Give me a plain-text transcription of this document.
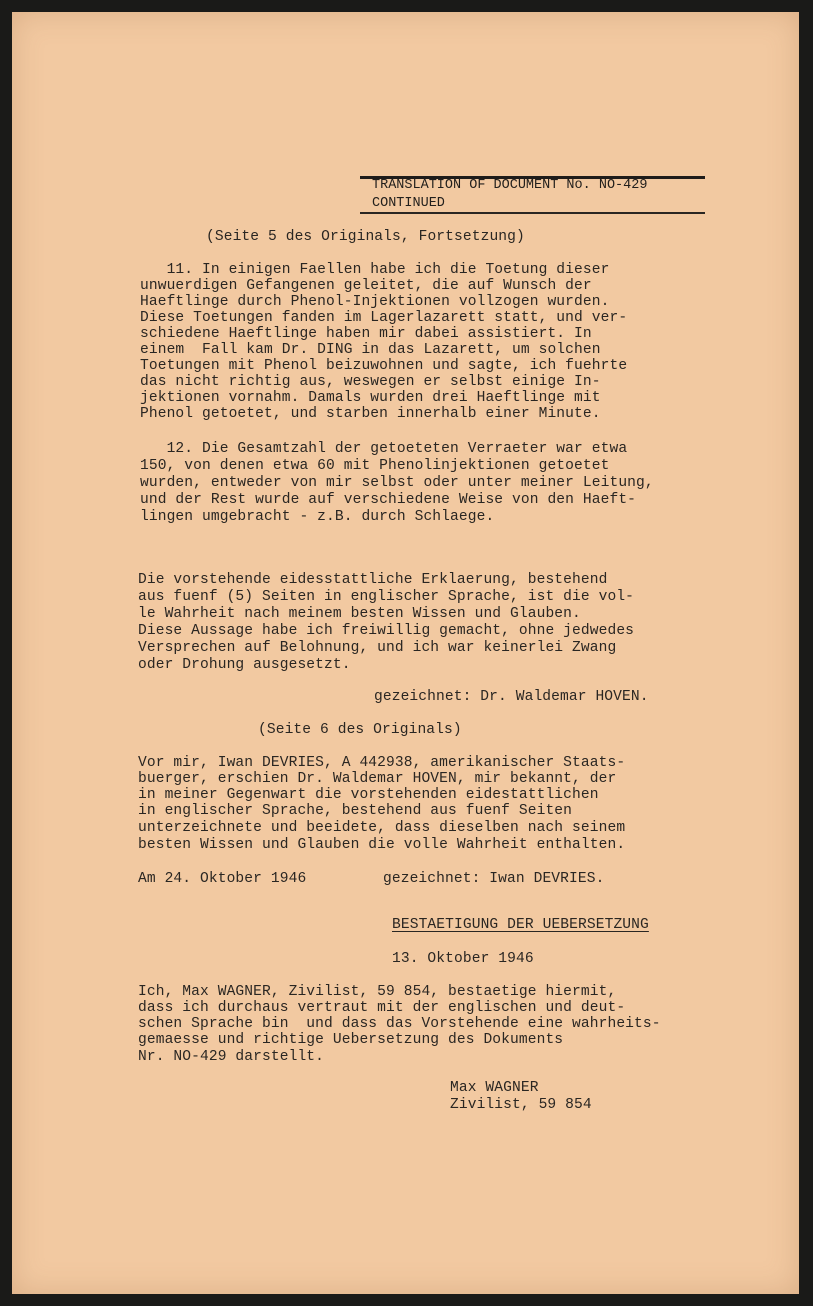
TRANSLATION OF DOCUMENT No. NO-429
CONTINUED
(Seite 5 des Originals, Fortsetzung)
11. In einigen Faellen habe ich die Toetung dieser
unwuerdigen Gefangenen geleitet, die auf Wunsch der
Haeftlinge durch Phenol-Injektionen vollzogen wurden.
Diese Toetungen fanden im Lagerlazarett statt, und ver-
schiedene Haeftlinge haben mir dabei assistiert. In
einem  Fall kam Dr. DING in das Lazarett, um solchen
Toetungen mit Phenol beizuwohnen und sagte, ich fuehrte
das nicht richtig aus, weswegen er selbst einige In-
jektionen vornahm. Damals wurden drei Haeftlinge mit
Phenol getoetet, und starben innerhalb einer Minute.
12. Die Gesamtzahl der getoeteten Verraeter war etwa
150, von denen etwa 60 mit Phenolinjektionen getoetet
wurden, entweder von mir selbst oder unter meiner Leitung,
und der Rest wurde auf verschiedene Weise von den Haeft-
lingen umgebracht - z.B. durch Schlaege.
Die vorstehende eidesstattliche Erklaerung, bestehend
aus fuenf (5) Seiten in englischer Sprache, ist die vol-
le Wahrheit nach meinem besten Wissen und Glauben.
Diese Aussage habe ich freiwillig gemacht, ohne jedwedes
Versprechen auf Belohnung, und ich war keinerlei Zwang
oder Drohung ausgesetzt.
gezeichnet: Dr. Waldemar HOVEN.
(Seite 6 des Originals)
Vor mir, Iwan DEVRIES, A 442938, amerikanischer Staats-
buerger, erschien Dr. Waldemar HOVEN, mir bekannt, der
in meiner Gegenwart die vorstehenden eidestattlichen
in englischer Sprache, bestehend aus fuenf Seiten
unterzeichnete und beeidete, dass dieselben nach seinem
besten Wissen und Glauben die volle Wahrheit enthalten.
Am 24. Oktober 1946	gezeichnet: Iwan DEVRIES.
BESTAETIGUNG DER UEBERSETZUNG
13. Oktober 1946
Ich, Max WAGNER, Zivilist, 59 854, bestaetige hiermit,
dass ich durchaus vertraut mit der englischen und deut-
schen Sprache bin  und dass das Vorstehende eine wahrheits-
gemaesse und richtige Uebersetzung des Dokuments
Nr. NO-429 darstellt.
Max WAGNER
Zivilist, 59 854
